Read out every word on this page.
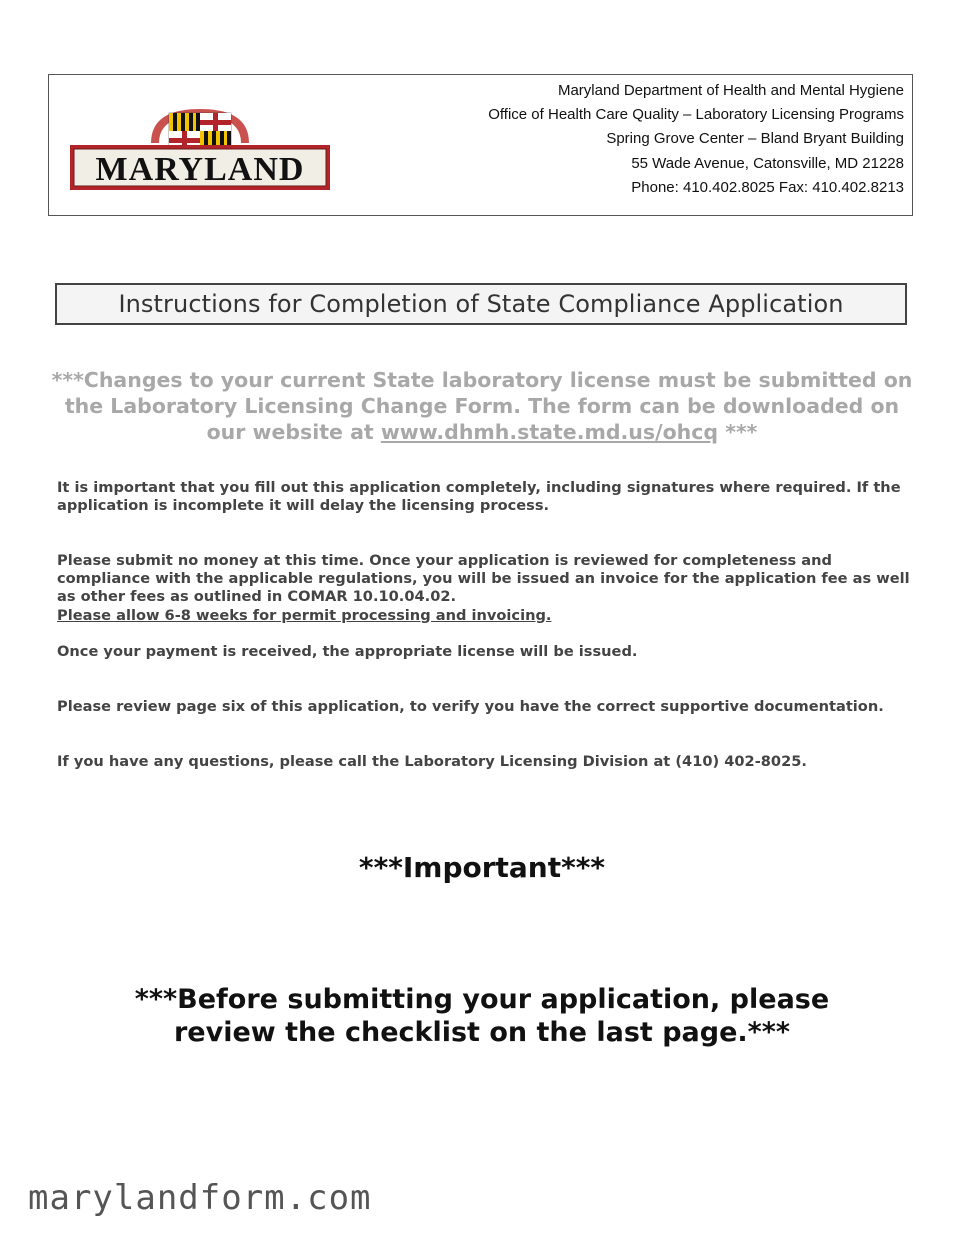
MARYLAND
Maryland Department of Health and Mental Hygiene
Office of Health Care Quality – Laboratory Licensing Programs
Spring Grove Center – Bland Bryant Building
55 Wade Avenue, Catonsville, MD 21228
Phone: 410.402.8025 Fax: 410.402.8213
Instructions for Completion of State Compliance Application
***Changes to your current State laboratory license must be submitted on the Laboratory Licensing Change Form. The form can be downloaded on our website at www.dhmh.state.md.us/ohcq ***
It is important that you fill out this application completely, including signatures where required. If the application is incomplete it will delay the licensing process.
Please submit no money at this time. Once your application is reviewed for completeness and compliance with the applicable regulations, you will be issued an invoice for the application fee as well as other fees as outlined in COMAR 10.10.04.02.
Please allow 6-8 weeks for permit processing and invoicing.
Once your payment is received, the appropriate license will be issued.
Please review page six of this application, to verify you have the correct supportive documentation.
If you have any questions, please call the Laboratory Licensing Division at (410) 402-8025.
***Important***
***Before submitting your application, please review the checklist on the last page.***
marylandform.com
